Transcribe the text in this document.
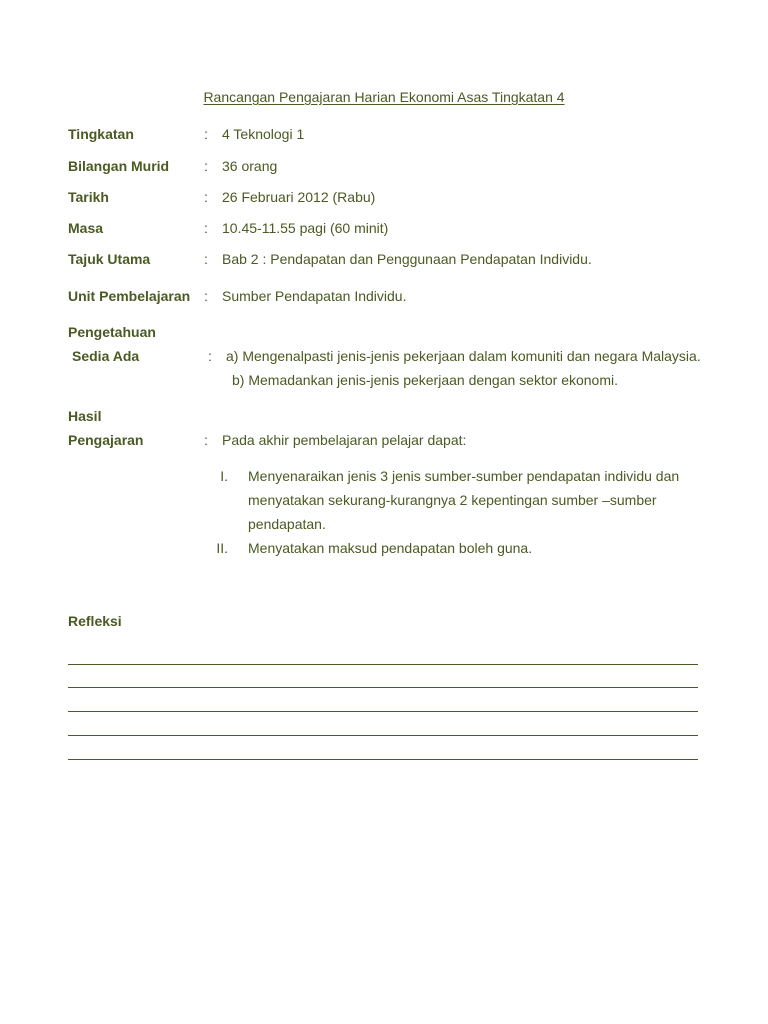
Rancangan Pengajaran Harian Ekonomi Asas Tingkatan 4
Tingkatan	: 4 Teknologi 1
Bilangan Murid : 36 orang
Tarikh	: 26 Februari 2012 (Rabu)
Masa	: 10.45-11.55 pagi (60 minit)
Tajuk Utama	: Bab 2 : Pendapatan dan Penggunaan Pendapatan Individu.
Unit Pembelajaran : Sumber Pendapatan Individu.
Pengetahuan
Sedia Ada	: a) Mengenalpasti jenis-jenis pekerjaan dalam komuniti dan negara Malaysia.
b) Memadankan jenis-jenis pekerjaan dengan sektor ekonomi.
Hasil
Pengajaran	: Pada akhir pembelajaran pelajar dapat:
I. Menyenaraikan jenis 3 jenis sumber-sumber pendapatan individu dan
menyatakan sekurang-kurangnya 2 kepentingan sumber –sumber
pendapatan.
II. Menyatakan maksud pendapatan boleh guna.
Refleksi
